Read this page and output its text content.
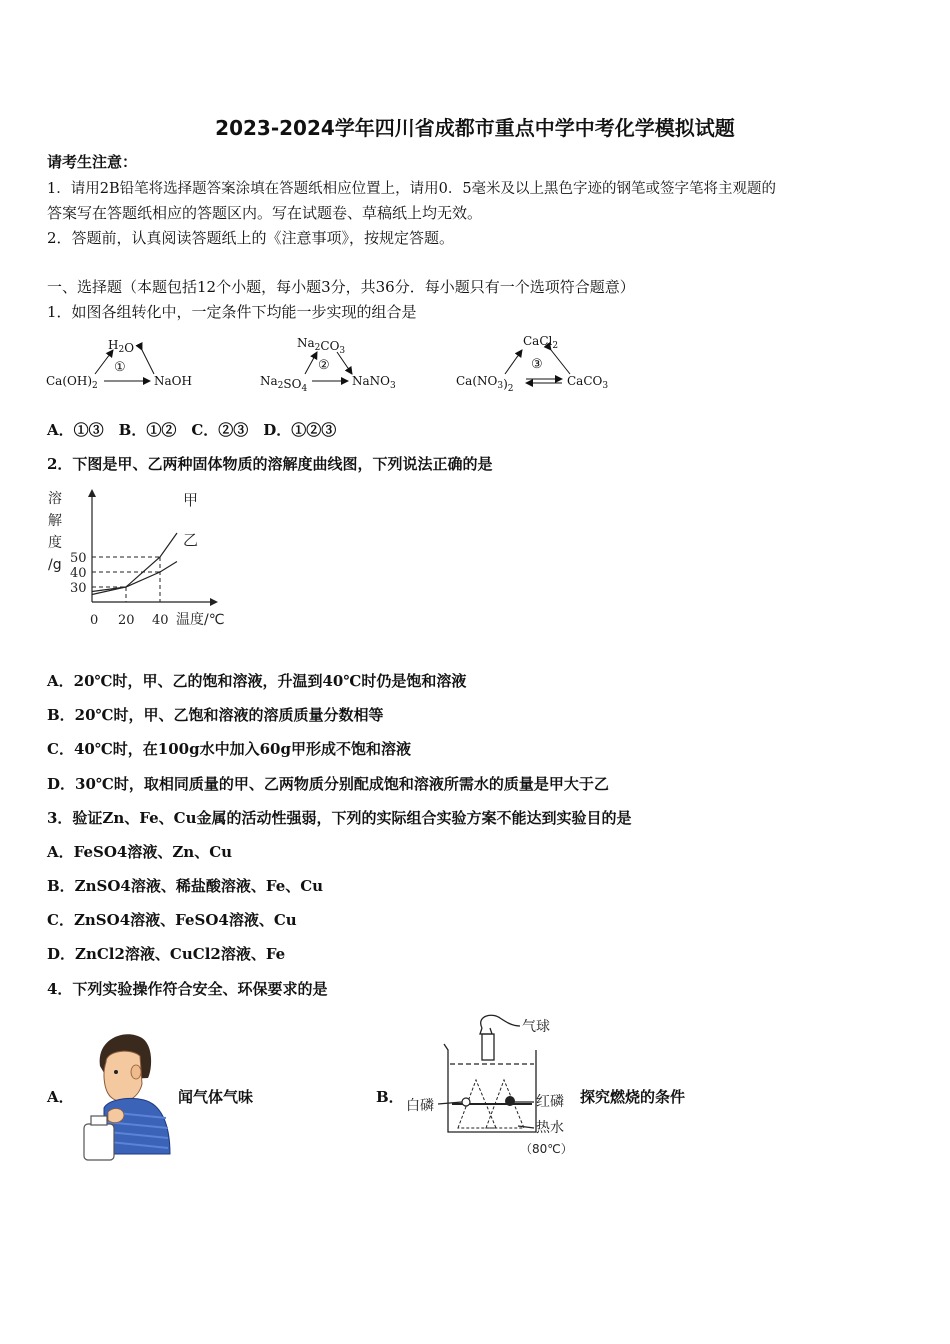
2023-2024学年四川省成都市重点中学中考化学模拟试题
请考生注意：
1．请用2B铅笔将选择题答案涂填在答题纸相应位置上，请用0．5毫米及以上黑色字迹的钢笔或签字笔将主观题的
答案写在答题纸相应的答题区内。写在试题卷、草稿纸上均无效。
2．答题前，认真阅读答题纸上的《注意事项》，按规定答题。
一、选择题（本题包括12个小题，每小题3分，共36分．每小题只有一个选项符合题意）
1．如图各组转化中，一定条件下均能一步实现的组合是
$H_2O$
①
$Ca(OH)_2$	NaOH
$Na_2CO_3$
②
$Na_2SO_4$
NaNO$_3$
CaCl$_2$
③
$Ca(NO_3)_2$
CaCO$_3$
A．①③　B．①②　C．②③　D．①②③
2．下图是甲、乙两种固体物质的溶解度曲线图，下列说法正确的是
溶
解
度
/g
30
40
50
0 20 40 温度/℃
甲
乙
A．20℃时，甲、乙的饱和溶液，升温到40℃时仍是饱和溶液
B．20℃时，甲、乙饱和溶液的溶质质量分数相等
C．40℃时，在100g水中加入60g甲形成不饱和溶液
D．30℃时，取相同质量的甲、乙两物质分别配成饱和溶液所需水的质量是甲大于乙
3．验证Zn、Fe、Cu金属的活动性强弱，下列的实际组合实验方案不能达到实验目的是
A．FeSO4溶液、Zn、Cu
B．ZnSO4溶液、稀盐酸溶液、Fe、Cu
C．ZnSO4溶液、FeSO4溶液、Cu
D．ZnCl2溶液、CuCl2溶液、Fe
4．下列实验操作符合安全、环保要求的是
A．	闻气体气味	B．
气球
白磷	红磷
热水
（80℃）
探究燃烧的条件
